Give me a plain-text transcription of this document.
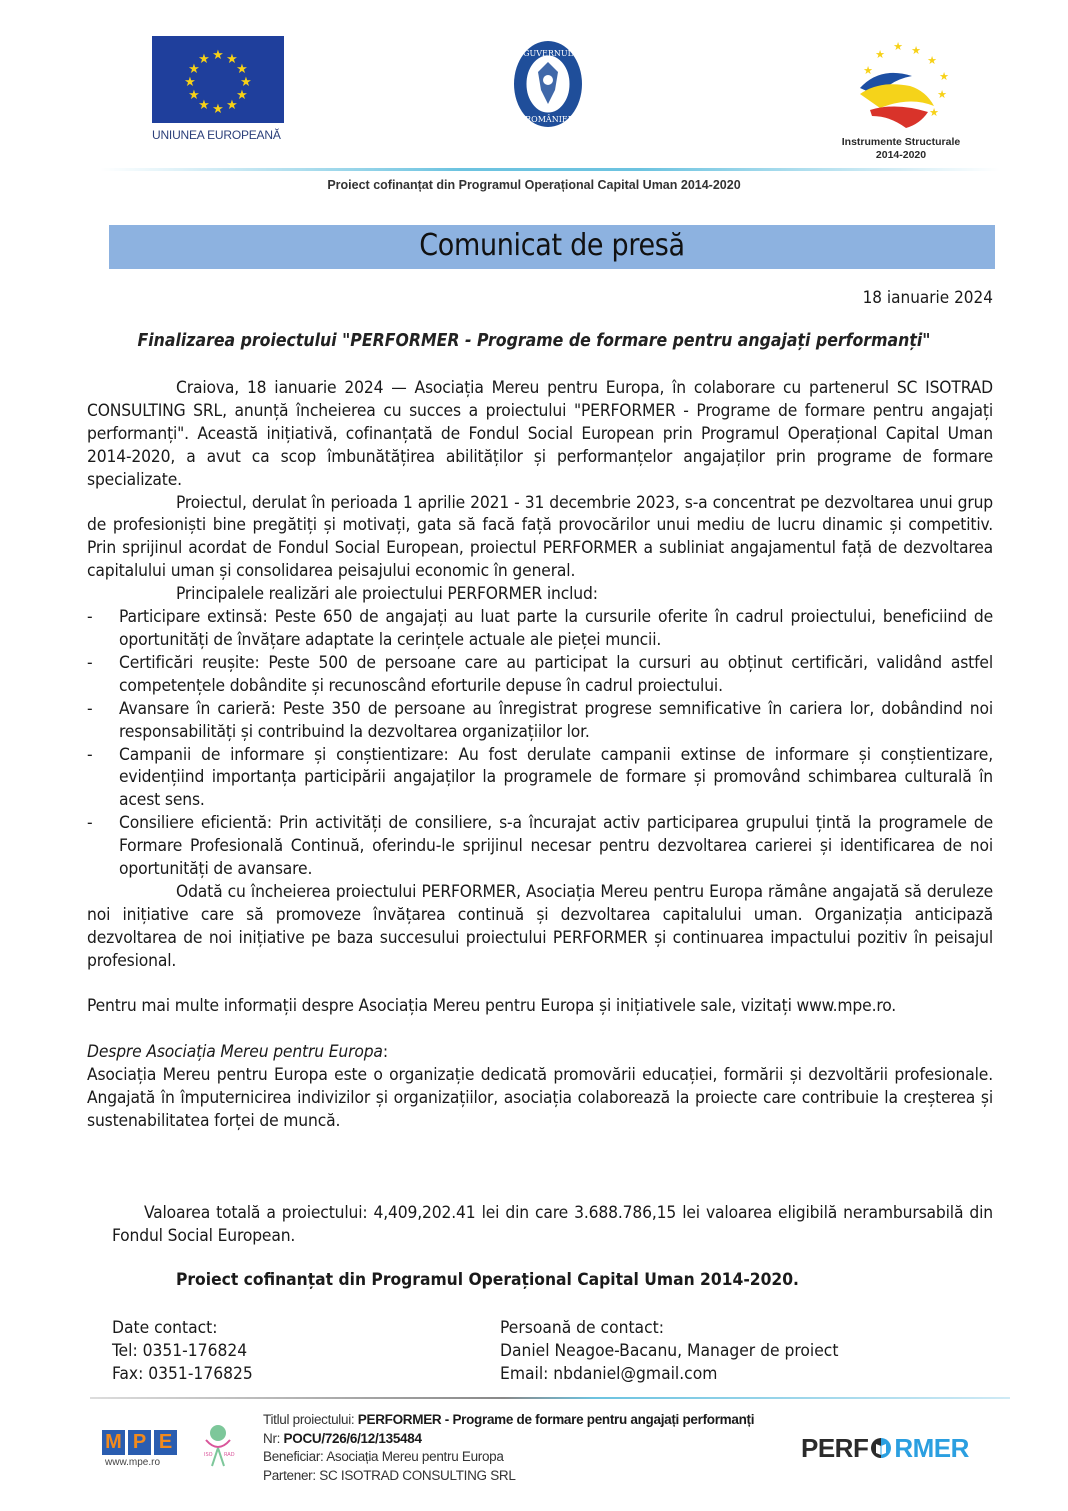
★ ★
★
★
★
★
★
★
★
★
★
★
UNIUNEA EUROPEANĂ
GUVERNUL
ROMÂNIEI
★
★ ★
★
★
★
★
★
Instrumente Structurale
2014-2020
Proiect cofinanțat din Programul Operațional Capital Uman 2014-2020
Comunicat de presă
18 ianuarie 2024
Finalizarea proiectului "PERFORMER - Programe de formare pentru angajați performanți"

Craiova, 18 ianuarie 2024 — Asociația Mereu pentru Europa, în colaborare cu partenerul SC ISOTRAD CONSULTING SRL, anunță încheierea cu succes a proiectului "PERFORMER - Programe de formare pentru angajați performanți". Această inițiativă, cofinanțată de Fondul Social European prin Programul Operațional Capital Uman 2014-2020, a avut ca scop îmbunătățirea abilităților și performanțelor angajaților prin programe de formare specializate.

Proiectul, derulat în perioada 1 aprilie 2021 - 31 decembrie 2023, s-a concentrat pe dezvoltarea unui grup de profesioniști bine pregătiți și motivați, gata să facă față provocărilor unui mediu de lucru dinamic și competitiv. Prin sprijinul acordat de Fondul Social European, proiectul PERFORMER a subliniat angajamentul față de dezvoltarea capitalului uman și consolidarea peisajului economic în general.

Principalele realizări ale proiectului PERFORMER includ:

- Participare extinsă: Peste 650 de angajați au luat parte la cursurile oferite în cadrul proiectului, beneficiind de oportunități de învățare adaptate la cerințele actuale ale pieței muncii.
- Certificări reușite: Peste 500 de persoane care au participat la cursuri au obținut certificări, validând astfel competențele dobândite și recunoscând eforturile depuse în cadrul proiectului.
- Avansare în carieră: Peste 350 de persoane au înregistrat progrese semnificative în cariera lor, dobândind noi responsabilități și contribuind la dezvoltarea organizațiilor lor.
- Campanii de informare și conștientizare: Au fost derulate campanii extinse de informare și conștientizare, evidențiind importanța participării angajaților la programele de formare și promovând schimbarea culturală în acest sens.
- Consiliere eficientă: Prin activități de consiliere, s-a încurajat activ participarea grupului țintă la programele de Formare Profesională Continuă, oferindu-le sprijinul necesar pentru dezvoltarea carierei și identificarea de noi oportunități de avansare.

Odată cu încheierea proiectului PERFORMER, Asociația Mereu pentru Europa rămâne angajată să deruleze noi inițiative care să promoveze învățarea continuă și dezvoltarea capitalului uman. Organizația anticipază dezvoltarea de noi inițiative pe baza succesului proiectului PERFORMER și continuarea impactului pozitiv în peisajul profesional.

Pentru mai multe informații despre Asociația Mereu pentru Europa și inițiativele sale, vizitați www.mpe.ro.

Despre Asociația Mereu pentru Europa:

Asociația Mereu pentru Europa este o organizație dedicată promovării educației, formării și dezvoltării profesionale. Angajată în împuternicirea indivizilor și organizațiilor, asociația colaborează la proiecte care contribuie la creșterea și sustenabilitatea forței de muncă.

Valoarea totală a proiectului: 4,409,202.41 lei din care 3.688.786,15 lei valoarea eligibilă nerambursabilă din Fondul Social European.

Proiect cofinanțat din Programul Operațional Capital Uman 2014-2020.
Date contact:
Tel: 0351-176824
Fax: 0351-176825
Persoană de contact:
Daniel Neagoe-Bacanu, Manager de proiect
Email: nbdaniel@gmail.com
M P E
www.mpe.ro
ISO RAD
Titlul proiectului: PERFORMER - Programe de formare pentru angajați performanți
Nr: POCU/726/6/12/135484
Beneficiar: Asociația Mereu pentru Europa
Partener: SC ISOTRAD CONSULTING SRL
PERF RMER
